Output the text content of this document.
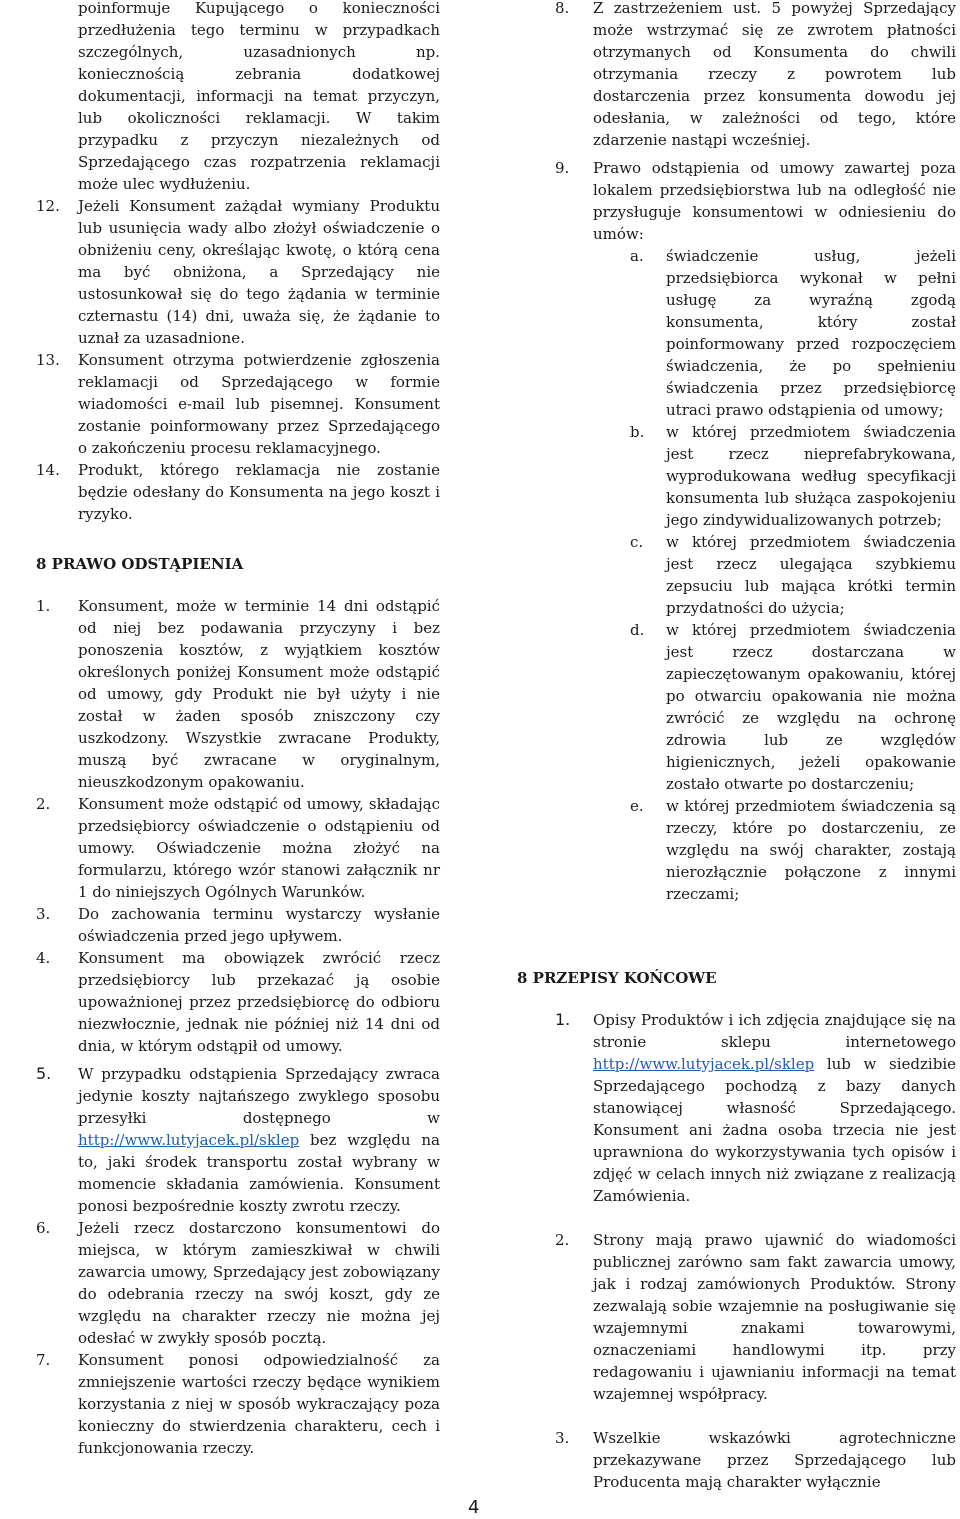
poinformuje Kupującego o konieczności przedłużenia tego terminu w przypadkach szczególnych, uzasadnionych np. koniecznością zebrania dodatkowej dokumentacji, informacji na temat przyczyn, lub okoliczności reklamacji. W takim przypadku z przyczyn niezależnych od Sprzedającego czas rozpatrzenia reklamacji może ulec wydłużeniu.
12.	Jeżeli Konsument zażądał wymiany Produktu lub usunięcia wady albo złożył oświadczenie o obniżeniu ceny, określając kwotę, o którą cena ma być obniżona, a Sprzedający nie ustosunkował się do tego żądania w terminie czternastu (14) dni, uważa się, że żądanie to uznał za uzasadnione.
13.	Konsument otrzyma potwierdzenie zgłoszenia reklamacji od Sprzedającego w formie wiadomości e-mail lub pisemnej. Konsument zostanie poinformowany przez Sprzedającego o zakończeniu procesu reklamacyjnego.
14.	Produkt, którego reklamacja nie zostanie będzie odesłany do Konsumenta na jego koszt i ryzyko.
8 PRAWO ODSTĄPIENIA
1.	Konsument, może w terminie 14 dni odstąpić od niej bez podawania przyczyny i bez ponoszenia kosztów, z wyjątkiem kosztów określonych poniżej Konsument może odstąpić od umowy, gdy Produkt nie był użyty i nie został w żaden sposób zniszczony czy uszkodzony. Wszystkie zwracane Produkty, muszą być zwracane w oryginalnym, nieuszkodzonym opakowaniu.
2.	Konsument może odstąpić od umowy, składając przedsiębiorcy oświadczenie o odstąpieniu od umowy. Oświadczenie można złożyć na formularzu, którego wzór stanowi załącznik nr 1 do niniejszych Ogólnych Warunków.
3.	Do zachowania terminu wystarczy wysłanie oświadczenia przed jego upływem.
4.	Konsument ma obowiązek zwrócić rzecz przedsiębiorcy lub przekazać ją osobie upoważnionej przez przedsiębiorcę do odbioru niezwłocznie, jednak nie później niż 14 dni od dnia, w którym odstąpił od umowy.
5.	W przypadku odstąpienia Sprzedający zwraca jedynie koszty najtańszego zwyklego sposobu przesyłki dostępnego w http://www.lutyjacek.pl/sklep bez względu na to, jaki środek transportu został wybrany w momencie składania zamówienia. Konsument ponosi bezpośrednie koszty zwrotu rzeczy.
6.	Jeżeli rzecz dostarczono konsumentowi do miejsca, w którym zamieszkiwał w chwili zawarcia umowy, Sprzedający jest zobowiązany do odebrania rzeczy na swój koszt, gdy ze względu na charakter rzeczy nie można jej odesłać w zwykły sposób pocztą.
7.	Konsument ponosi odpowiedzialność za zmniejszenie wartości rzeczy będące wynikiem korzystania z niej w sposób wykraczający poza konieczny do stwierdzenia charakteru, cech i funkcjonowania rzeczy.
8.	Z zastrzeżeniem ust. 5 powyżej Sprzedający może wstrzymać się ze zwrotem płatności otrzymanych od Konsumenta do chwili otrzymania rzeczy z powrotem lub dostarczenia przez konsumenta dowodu jej odesłania, w zależności od tego, które zdarzenie nastąpi wcześniej.
9.	Prawo odstąpienia od umowy zawartej poza lokalem przedsiębiorstwa lub na odległość nie przysługuje konsumentowi w odniesieniu do umów:
a.	świadczenie usług, jeżeli przedsiębiorca wykonał w pełni usługę za wyraźną zgodą konsumenta, który został poinformowany przed rozpoczęciem świadczenia, że po spełnieniu świadczenia przez przedsiębiorcę utraci prawo odstąpienia od umowy;
b.	w której przedmiotem świadczenia jest rzecz nieprefabrykowana, wyprodukowana według specyfikacji konsumenta lub służąca zaspokojeniu jego zindywidualizowanych potrzeb;
c.	w której przedmiotem świadczenia jest rzecz ulegająca szybkiemu zepsuciu lub mająca krótki termin przydatności do użycia;
d.	w której przedmiotem świadczenia jest rzecz dostarczana w zapieczętowanym opakowaniu, której po otwarciu opakowania nie można zwrócić ze względu na ochronę zdrowia lub ze względów higienicznych, jeżeli opakowanie zostało otwarte po dostarczeniu;
e.	w której przedmiotem świadczenia są rzeczy, które po dostarczeniu, ze względu na swój charakter, zostają nierozłącznie połączone z innymi rzeczami;
8 PRZEPISY KOŃCOWE
1.	Opisy Produktów i ich zdjęcia znajdujące się na stronie sklepu internetowego http://www.lutyjacek.pl/sklep lub w siedzibie Sprzedającego pochodzą z bazy danych stanowiącej własność Sprzedającego. Konsument ani żadna osoba trzecia nie jest uprawniona do wykorzystywania tych opisów i zdjęć w celach innych niż związane z realizacją Zamówienia.
2.	Strony mają prawo ujawnić do wiadomości publicznej zarówno sam fakt zawarcia umowy, jak i rodzaj zamówionych Produktów. Strony zezwalają sobie wzajemnie na posługiwanie się wzajemnymi znakami towarowymi, oznaczeniami handlowymi itp. przy redagowaniu i ujawnianiu informacji na temat wzajemnej współpracy.
3.	Wszelkie wskazówki agrotechniczne przekazywane przez Sprzedającego lub Producenta mają charakter wyłącznie
4
